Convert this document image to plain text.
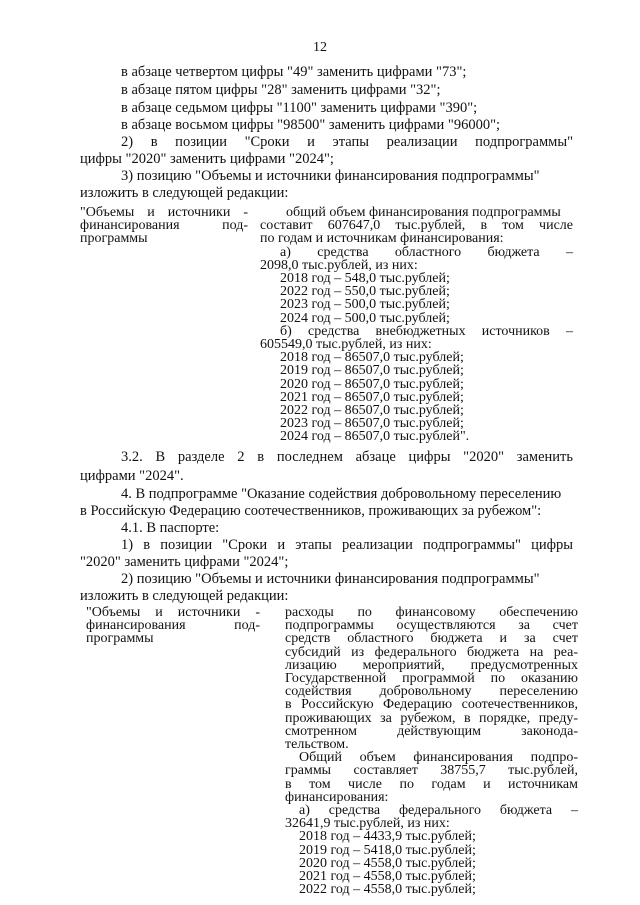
12
в абзаце четвертом цифры "49" заменить цифрами "73";
в абзаце пятом цифры "28" заменить цифрами "32";
в абзаце седьмом цифры "1100" заменить цифрами "390";
в абзаце восьмом цифры "98500" заменить цифрами "96000";
2) в позиции "Сроки и этапы реализации подпрограммы"
цифры "2020" заменить цифрами "2024";
3) позицию "Объемы и источники финансирования подпрограммы"
изложить в следующей редакции:
"Объемы и источники -
финансирования под-
программы
общий объем финансирования подпрограммы
составит 607647,0 тыс.рублей, в том числе
по годам и источникам финансирования:
а) средства областного бюджета –
2098,0 тыс.рублей, из них:
2018 год – 548,0 тыс.рублей;
2022 год – 550,0 тыс.рублей;
2023 год – 500,0 тыс.рублей;
2024 год – 500,0 тыс.рублей;
б) средства внебюджетных источников –
605549,0 тыс.рублей, из них:
2018 год – 86507,0 тыс.рублей;
2019 год – 86507,0 тыс.рублей;
2020 год – 86507,0 тыс.рублей;
2021 год – 86507,0 тыс.рублей;
2022 год – 86507,0 тыс.рублей;
2023 год – 86507,0 тыс.рублей;
2024 год – 86507,0 тыс.рублей".
3.2. В разделе 2 в последнем абзаце цифры "2020" заменить
цифрами "2024".
4. В подпрограмме "Оказание содействия добровольному переселению
в Российскую Федерацию соотечественников, проживающих за рубежом":
4.1. В паспорте:
1) в позиции "Сроки и этапы реализации подпрограммы" цифры
"2020" заменить цифрами "2024";
2) позицию "Объемы и источники финансирования подпрограммы"
изложить в следующей редакции:
"Объемы и источники -
финансирования под-
программы
расходы по финансовому обеспечению
подпрограммы осуществляются за счет
средств областного бюджета и за счет
субсидий из федерального бюджета на реа-
лизацию мероприятий, предусмотренных
Государственной программой по оказанию
содействия добровольному переселению
в Российскую Федерацию соотечественников,
проживающих за рубежом, в порядке, преду-
смотренном действующим законода-
тельством.
Общий объем финансирования подпро-
граммы составляет 38755,7 тыс.рублей,
в том числе по годам и источникам
финансирования:
а) средства федерального бюджета –
32641,9 тыс.рублей, из них:
2018 год – 4433,9 тыс.рублей;
2019 год – 5418,0 тыс.рублей;
2020 год – 4558,0 тыс.рублей;
2021 год – 4558,0 тыс.рублей;
2022 год – 4558,0 тыс.рублей;
